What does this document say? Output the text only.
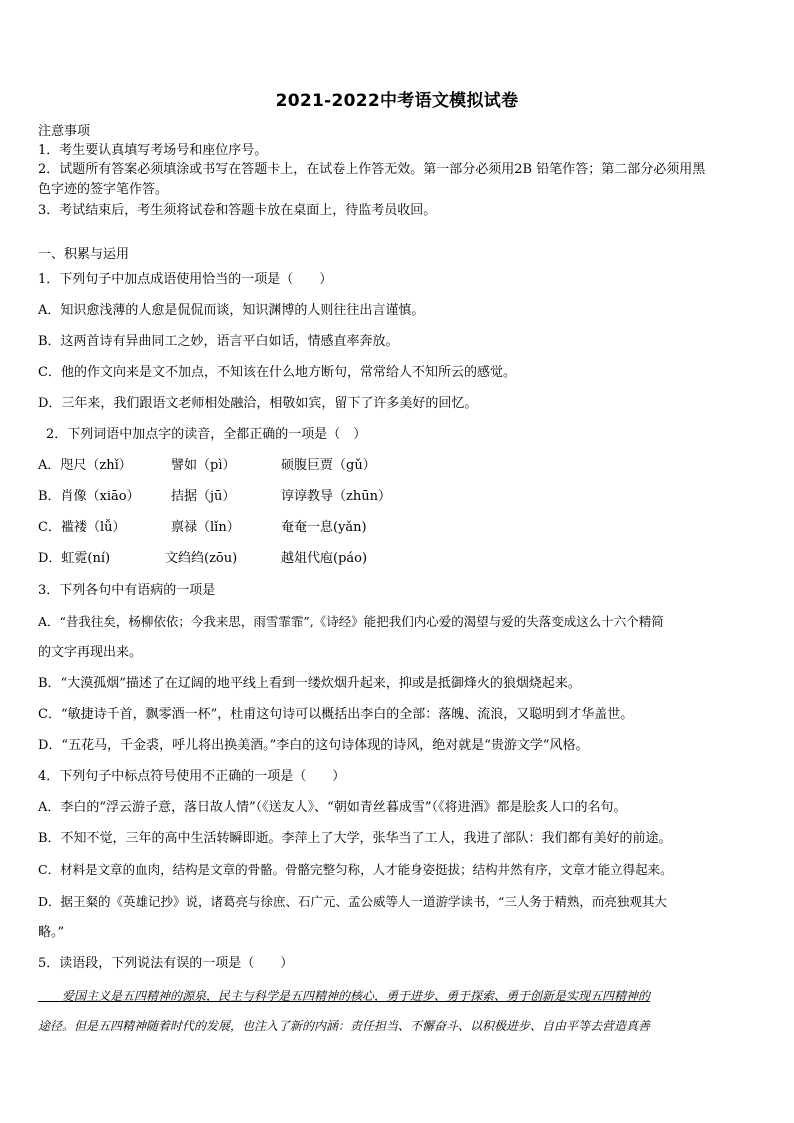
2021-2022中考语文模拟试卷
注意事项
1．考生要认真填写考场号和座位序号。
2．试题所有答案必须填涂或书写在答题卡上，在试卷上作答无效。第一部分必须用2B 铅笔作答；第二部分必须用黑
色字迹的签字笔作答。
3．考试结束后，考生须将试卷和答题卡放在桌面上，待监考员收回。
一、积累与运用
1．下列句子中加点成语使用恰当的一项是（　　）
A．知识愈浅薄的人愈是侃侃而谈，知识渊博的人则往往出言谨慎。
B．这两首诗有异曲同工之妙，语言平白如话，情感直率奔放。
C．他的作文向来是文不加点，不知该在什么地方断句，常常给人不知所云的感觉。
D．三年来，我们跟语文老师相处融洽，相敬如宾，留下了许多美好的回忆。
2．下列词语中加点字的读音，全都正确的一项是（　）
A．咫尺（zhǐ）	譬如（pì）	硕腹巨贾（gǔ）
B．肖像（xiāo） 拮据（jū）	谆谆教导（zhūn）
C．褴褛（lǚ）	禀禄（lǐn）	奄奄一息(yǎn)
D．虹霓(ní)	文绉绉(zōu)	越俎代庖(páo)
3．下列各句中有语病的一项是
A．“昔我往矣，杨柳依依；今我来思，雨雪霏霏”,《诗经》能把我们内心爱的渴望与爱的失落变成这么十六个精简
的文字再现出来。
B．“大漠孤烟”描述了在辽阔的地平线上看到一缕炊烟升起来，抑或是抵御烽火的狼烟烧起来。
C．“敏捷诗千首，飘零酒一杯”，杜甫这句诗可以概括出李白的全部：落魄、流浪，又聪明到才华盖世。
D．“五花马，千金裘，呼儿将出换美酒。”李白的这句诗体现的诗风，绝对就是“贵游文学”风格。
4．下列句子中标点符号使用不正确的一项是（　　）
A．李白的“浮云游子意，落日故人情”（《送友人》、“朝如青丝暮成雪”（《将进酒》都是脍炙人口的名句。
B．不知不觉，三年的高中生活转瞬即逝。李萍上了大学，张华当了工人，我进了部队：我们都有美好的前途。
C．材料是文章的血肉，结构是文章的骨骼。骨骼完整匀称，人才能身姿挺拔；结构井然有序，文章才能立得起来。
D．据王粲的《英雄记抄》说，诸葛亮与徐庶、石广元、孟公威等人一道游学读书，“三人务于精熟，而亮独观其大
略。”
5．读语段，下列说法有误的一项是（　　）
　　爱国主义是五四精神的源泉，民主与科学是五四精神的核心，勇于进步、勇于探索、勇于创新是实现五四精神的
途径。但是五四精神随着时代的发展，也注入了新的内涵：责任担当、不懈奋斗、以积极进步、自由平等去营造真善
